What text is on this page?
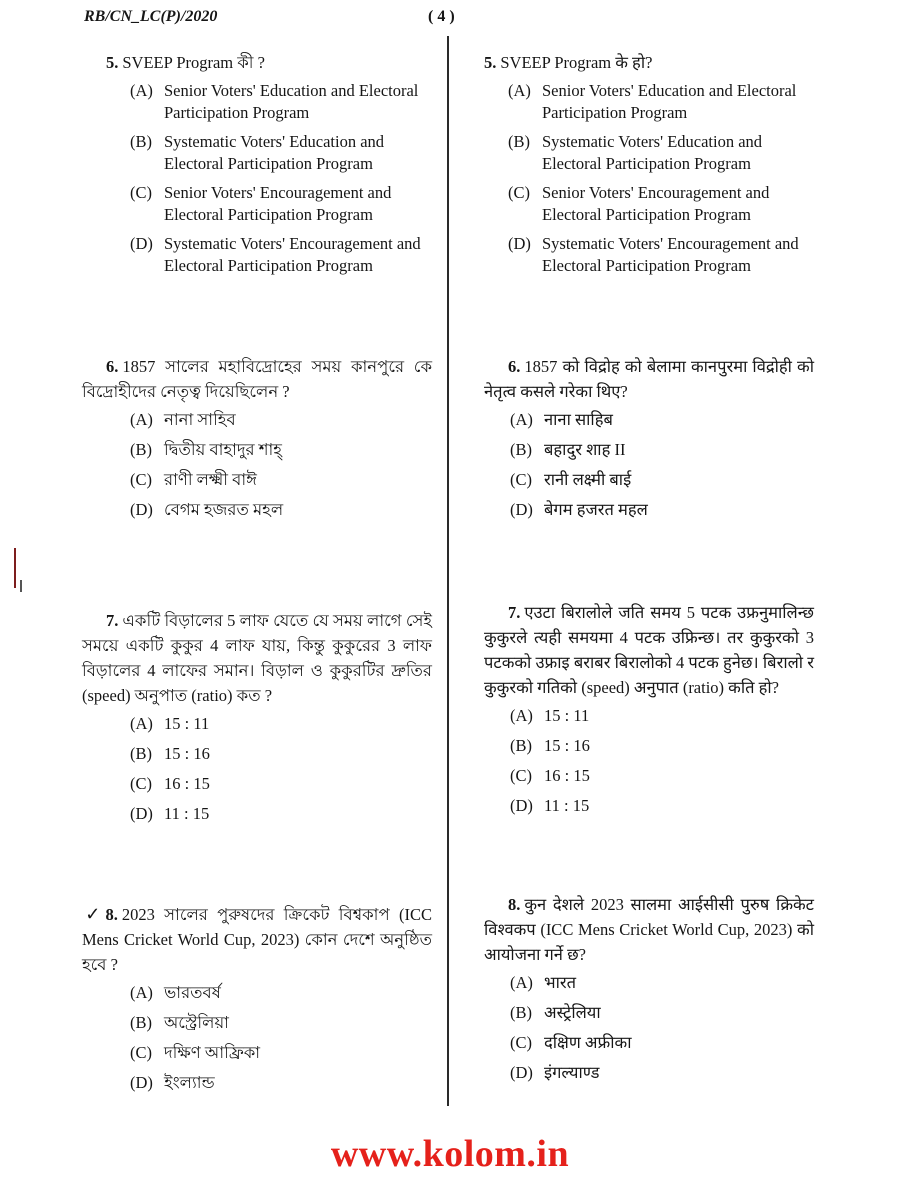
RB/CN_LC(P)/2020	( 4 )
5. SVEEP Program কী ?
(A) Senior Voters' Education and Electoral Participation Program
(B) Systematic Voters' Education and Electoral Participation Program
(C) Senior Voters' Encouragement and Electoral Participation Program
(D) Systematic Voters' Encouragement and Electoral Participation Program
6. 1857 সালের মহাবিদ্রোহের সময় কানপুরে কে বিদ্রোহীদের নেতৃত্ব দিয়েছিলেন ?
(A) নানা সাহিব
(B) দ্বিতীয় বাহাদুর শাহ্‌
(C) রাণী লক্ষ্মী বাঈ
(D) বেগম হজরত মহল
7. একটি বিড়ালের 5 লাফ যেতে যে সময় লাগে সেই সময়ে একটি কুকুর 4 লাফ যায়, কিন্তু কুকুরের 3 লাফ বিড়ালের 4 লাফের সমান। বিড়াল ও কুকুরটির দ্রুতির (speed) অনুপাত (ratio) কত ?
(A) 15 : 11
(B) 15 : 16
(C) 16 : 15
(D) 11 : 15
✓8. 2023 সালের পুরুষদের ক্রিকেট বিশ্বকাপ (ICC Mens Cricket World Cup, 2023) কোন দেশে অনুষ্ঠিত হবে ?
(A) ভারতবর্ষ
(B) অস্ট্রেলিয়া
(C) দক্ষিণ আফ্রিকা
(D) ইংল্যান্ড
5. SVEEP Program के हो?
(A) Senior Voters' Education and Electoral Participation Program
(B) Systematic Voters' Education and Electoral Participation Program
(C) Senior Voters' Encouragement and Electoral Participation Program
(D) Systematic Voters' Encouragement and Electoral Participation Program
6. 1857 को विद्रोह को बेलामा कानपुरमा विद्रोही को नेतृत्व कसले गरेका थिए?
(A) नाना साहिब
(B) बहादुर शाह II
(C) रानी लक्ष्मी बाई
(D) बेगम हजरत महल
7. एउटा बिरालोले जति समय 5 पटक उफ्रनुमालिन्छ कुकुरले त्यही समयमा 4 पटक उफ्रिन्छ। तर कुकुरको 3 पटकको उफ्राइ बराबर बिरालोको 4 पटक हुनेछ। बिरालो र कुकुरको गतिको (speed) अनुपात (ratio) कति हो?
(A) 15 : 11
(B) 15 : 16
(C) 16 : 15
(D) 11 : 15
8. कुन देशले 2023 सालमा आईसीसी पुरुष क्रिकेट विश्वकप (ICC Mens Cricket World Cup, 2023) को आयोजना गर्ने छ?
(A) भारत
(B) अस्ट्रेलिया
(C) दक्षिण अफ्रीका
(D) इंगल्याण्ड
www.kolom.in
